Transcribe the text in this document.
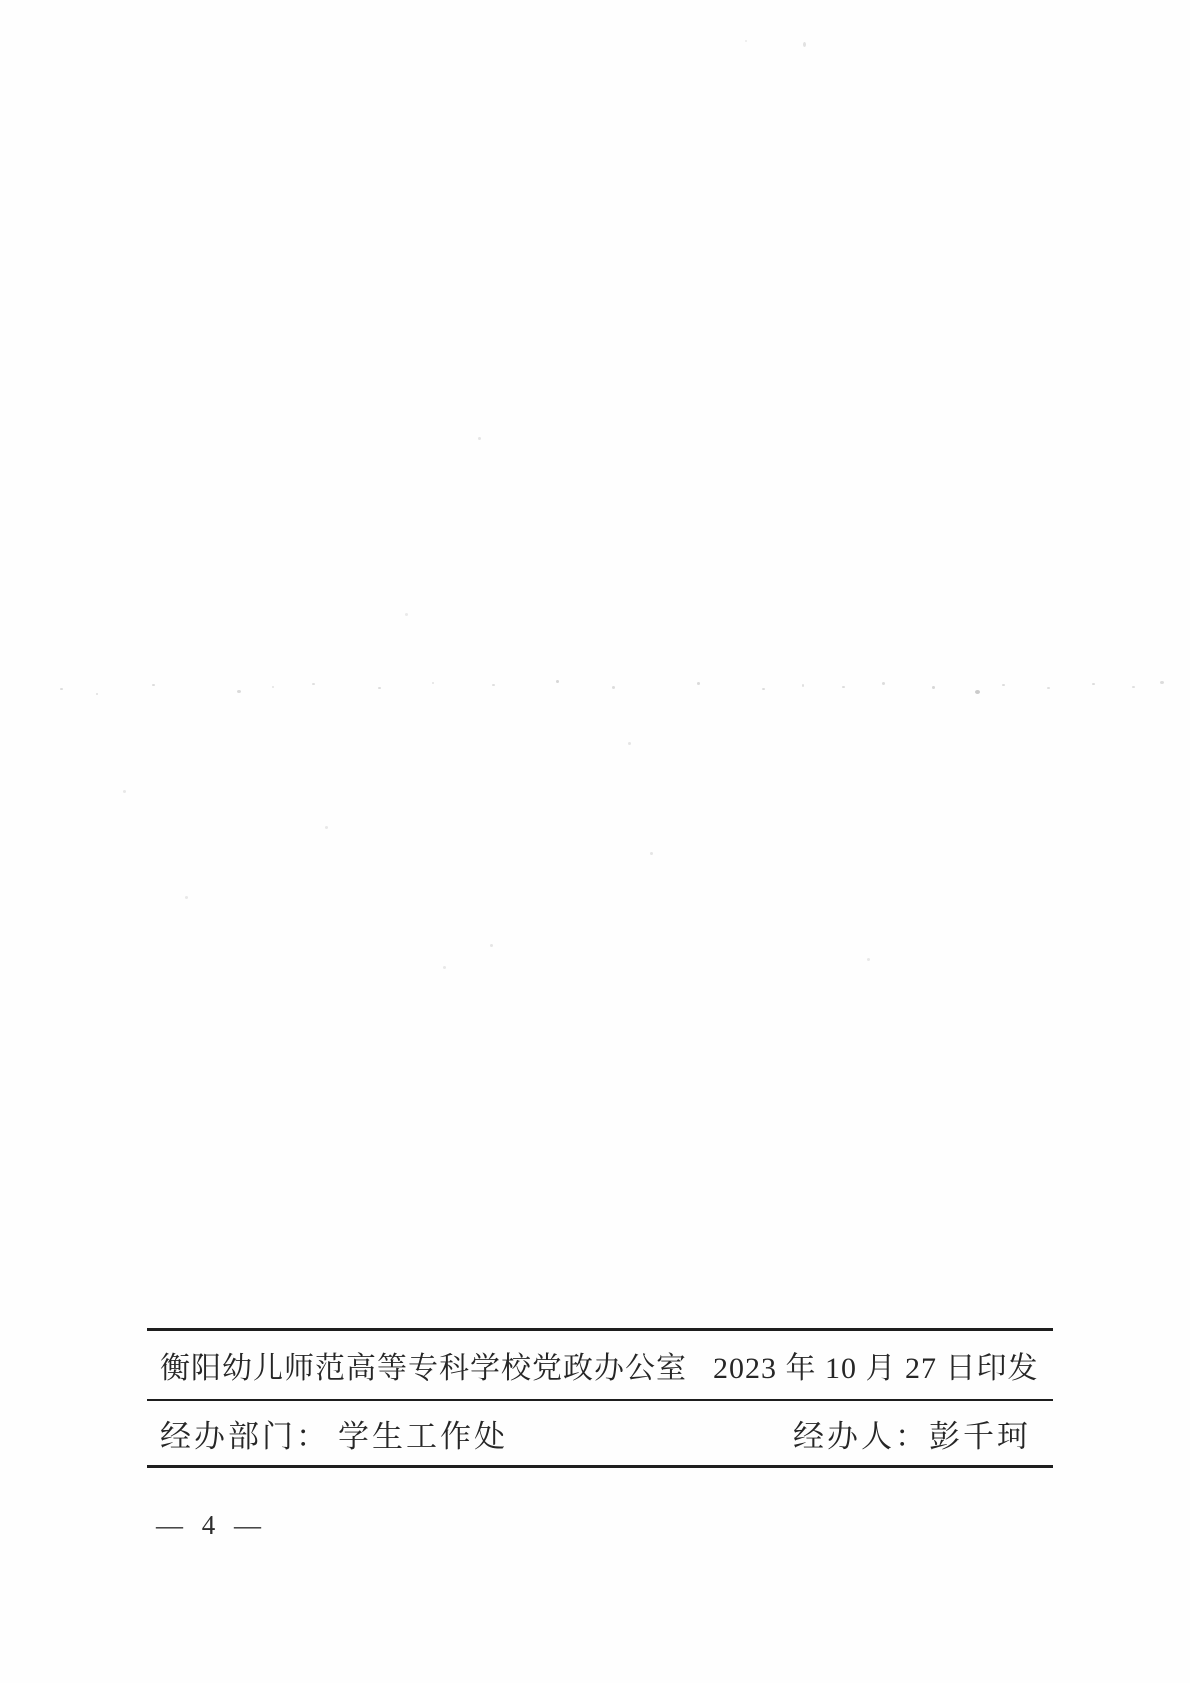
衡阳幼儿师范高等专科学校党政办公室 2023 年 10 月 27 日印发
经办部门： 学生工作处	经办人：彭千珂
— 4 —
